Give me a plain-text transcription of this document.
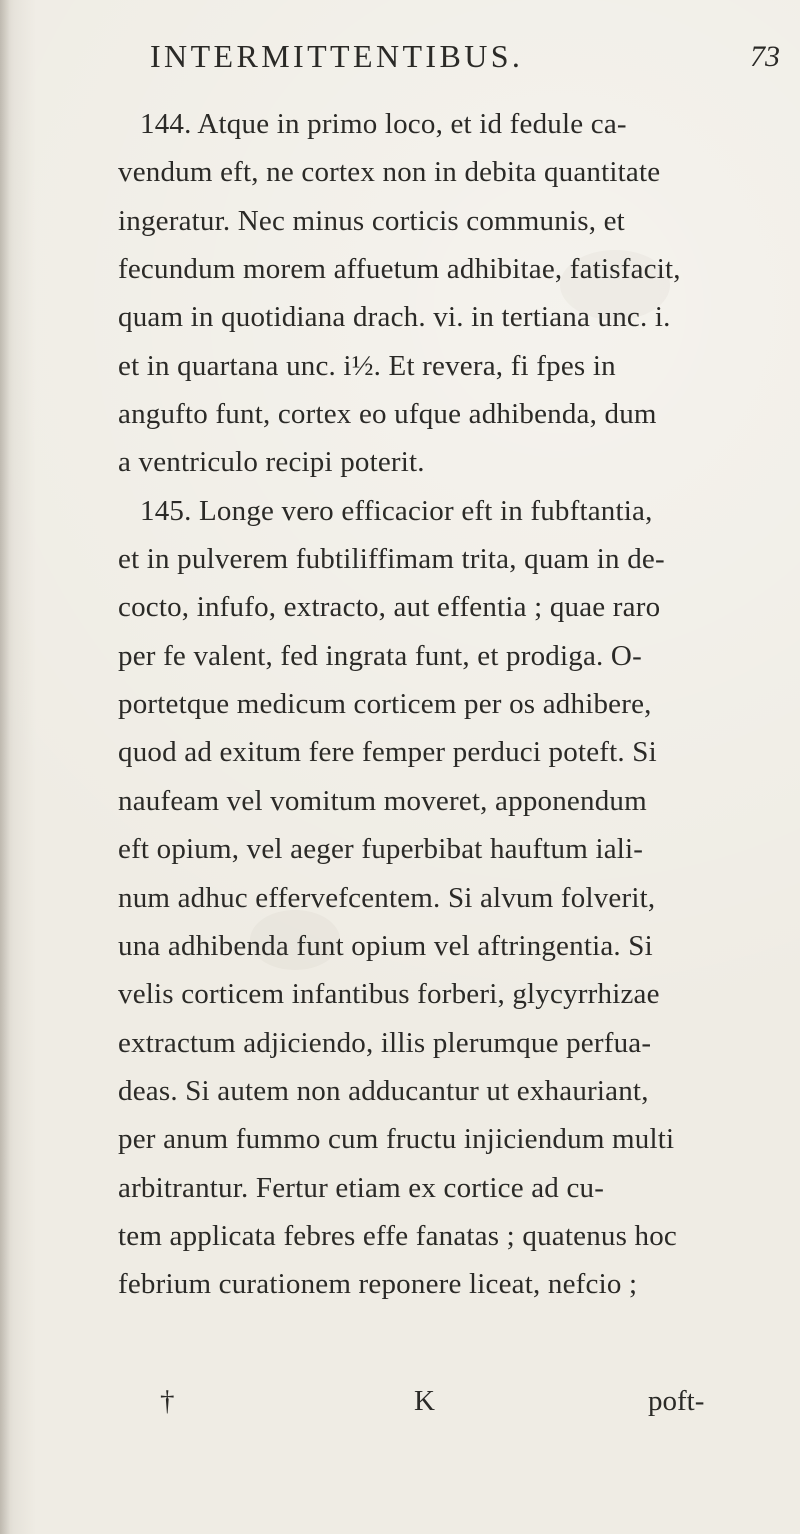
INTERMITTENTIBUS.	73
144. Atque in primo loco, et id fedule ca-
vendum eft, ne cortex non in debita quantitate
ingeratur. Nec minus corticis communis, et
fecundum morem affuetum adhibitae, fatisfacit,
quam in quotidiana drach. vi. in tertiana unc. i.
et in quartana unc. i½. Et revera, fi fpes in
angufto funt, cortex eo ufque adhibenda, dum
a ventriculo recipi poterit.
145. Longe vero efficacior eft in fubftantia,
et in pulverem fubtiliffimam trita, quam in de-
cocto, infufo, extracto, aut effentia ; quae raro
per fe valent, fed ingrata funt, et prodiga. O-
portetque medicum corticem per os adhibere,
quod ad exitum fere femper perduci poteft. Si
naufeam vel vomitum moveret, apponendum
eft opium, vel aeger fuperbibat hauftum iali-
num adhuc effervefcentem. Si alvum folverit,
una adhibenda funt opium vel aftringentia. Si
velis corticem infantibus forberi, glycyrrhizae
extractum adjiciendo, illis plerumque perfua-
deas. Si autem non adducantur ut exhauriant,
per anum fummo cum fructu injiciendum multi
arbitrantur. Fertur etiam ex cortice ad cu-
tem applicata febres effe fanatas ; quatenus hoc
febrium curationem reponere liceat, nefcio ;
†	K	poft-
